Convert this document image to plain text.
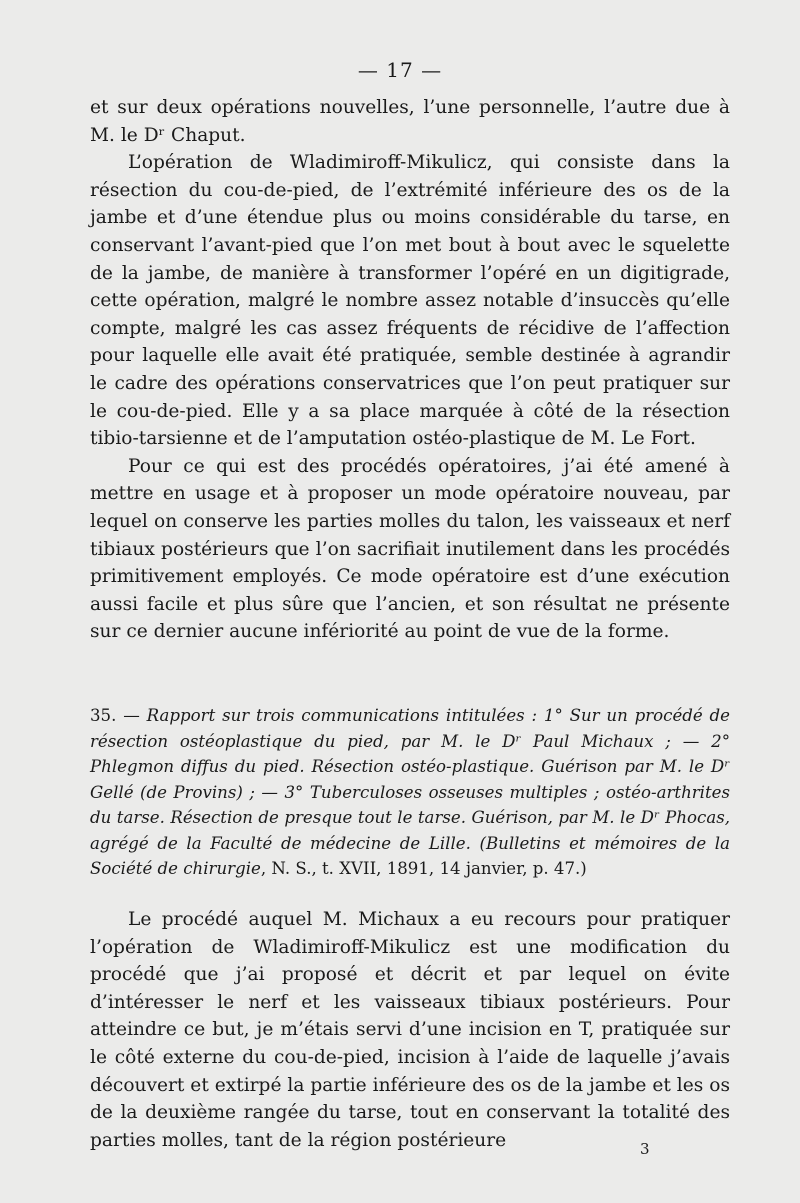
— 17 —

et sur deux opérations nouvelles, l’une personnelle, l’autre due à M. le Dʳ Chaput.

L’opération de Wladimiroff-Mikulicz, qui consiste dans la résection du cou-de-pied, de l’extrémité inférieure des os de la jambe et d’une étendue plus ou moins considérable du tarse, en conservant l’avant-pied que l’on met bout à bout avec le squelette de la jambe, de manière à transformer l’opéré en un digitigrade, cette opération, malgré le nombre assez notable d’insuccès qu’elle compte, malgré les cas assez fréquents de récidive de l’affection pour laquelle elle avait été pratiquée, semble destinée à agrandir le cadre des opérations conservatrices que l’on peut pratiquer sur le cou-de-pied. Elle y a sa place marquée à côté de la résection tibio-tarsienne et de l’amputation ostéo-plastique de M. Le Fort.

Pour ce qui est des procédés opératoires, j’ai été amené à mettre en usage et à proposer un mode opératoire nouveau, par lequel on conserve les parties molles du talon, les vaisseaux et nerf tibiaux postérieurs que l’on sacrifiait inutilement dans les procédés primitivement employés. Ce mode opératoire est d’une exécution aussi facile et plus sûre que l’ancien, et son résultat ne présente sur ce dernier aucune infériorité au point de vue de la forme.

35. — Rapport sur trois communications intitulées : 1° Sur un procédé de résection ostéoplastique du pied, par M. le Dʳ Paul Michaux ; — 2° Phlegmon diffus du pied. Résection ostéo-plastique. Guérison par M. le Dʳ Gellé (de Provins) ; — 3° Tuberculoses osseuses multiples ; ostéo-arthrites du tarse. Résection de presque tout le tarse. Guérison, par M. le Dʳ Phocas, agrégé de la Faculté de médecine de Lille. (Bulletins et mémoires de la Société de chirurgie, N. S., t. XVII, 1891, 14 janvier, p. 47.)
Le procédé auquel M. Michaux a eu recours pour pratiquer l’opération de Wladimiroff-Mikulicz est une modification du procédé que j’ai proposé et décrit et par lequel on évite d’intéresser le nerf et les vaisseaux tibiaux postérieurs. Pour atteindre ce but, je m’étais servi d’une incision en T, pratiquée sur le côté externe du cou-de-pied, incision à l’aide de laquelle j’avais découvert et extirpé la partie inférieure des os de la jambe et les os de la deuxième rangée du tarse, tout en conservant la totalité des parties molles, tant de la région postérieure	3
